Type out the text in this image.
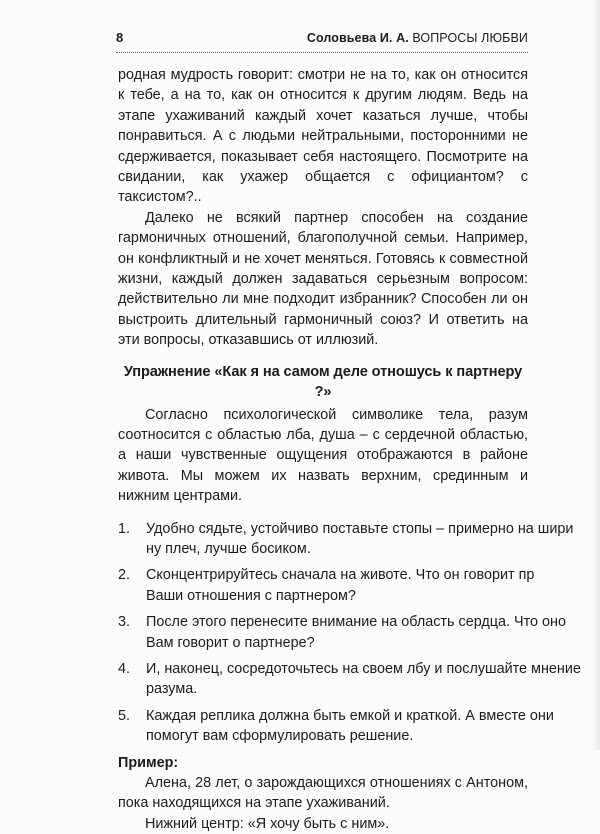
8	Соловьева И. А. ВОПРОСЫ ЛЮБВИ

родная мудрость говорит: смотри не на то, как он относится к тебе, а на то, как он относится к другим людям. Ведь на этапе ухаживаний каждый хочет казаться лучше, чтобы понравиться. А с людьми нейтральными, посторонними не сдерживается, показывает себя настоящего. Посмотрите на свидании, как ухажер общается с официантом? с таксистом?..

Далеко не всякий партнер способен на создание гармоничных отношений, благополучной семьи. Например, он конфликтный и не хочет меняться. Готовясь к совместной жизни, каждый должен задаваться серьезным вопросом: действительно ли мне подходит избранник? Способен ли он выстроить длительный гармоничный союз? И ответить на эти вопросы, отказавшись от иллюзий.

Упражнение «Как я на самом деле отношусь к партнеру ?»

Согласно психологической символике тела, разум соотносится с областью лба, душа – с сердечной областью, а наши чувственные ощущения отображаются в районе живота. Мы можем их назвать верхним, срединным и нижним центрами.

1. Удобно сядьте, устойчиво поставьте стопы – примерно на шири
ну плеч, лучше босиком.
2. Сконцентрируйтесь сначала на животе. Что он говорит пр
Ваши отношения с партнером?
3. После этого перенесите внимание на область сердца. Что оно
Вам говорит о партнере?
4. И, наконец, сосредоточьтесь на своем лбу и послушайте мнение
разума.
5. Каждая реплика должна быть емкой и краткой. А вместе они
помогут вам сформулировать решение.

Пример:

Алена, 28 лет, о зарождающихся отношениях с Антоном, пока находящихся на этапе ухаживаний.

Нижний центр: «Я хочу быть с ним».
